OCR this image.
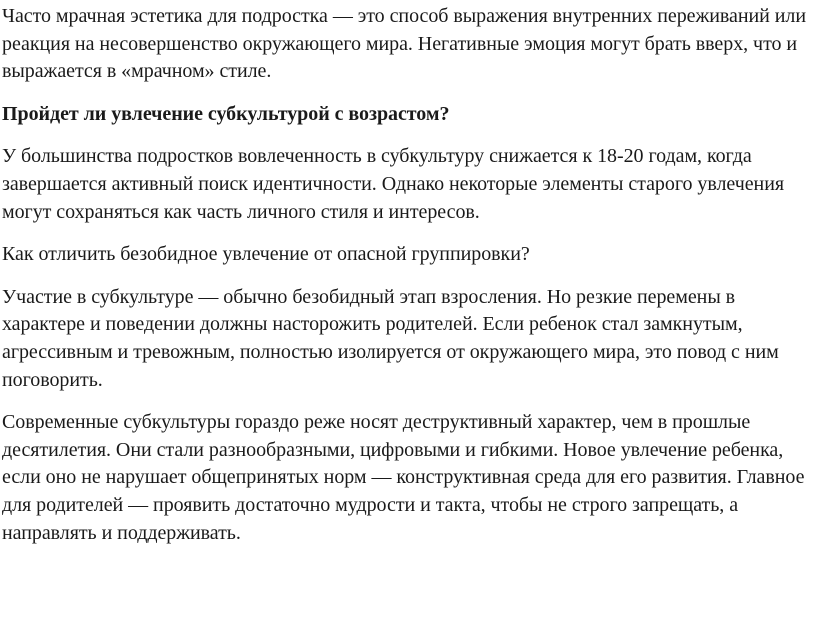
Часто мрачная эстетика для подростка — это способ выражения внутренних переживаний или реакция на несовершенство окружающего мира. Негативные эмоция могут брать вверх, что и выражается в «мрачном» стиле.

Пройдет ли увлечение субкультурой с возрастом?

У большинства подростков вовлеченность в субкультуру снижается к 18-20 годам, когда завершается активный поиск идентичности. Однако некоторые элементы старого увлечения могут сохраняться как часть личного стиля и интересов.

Как отличить безобидное увлечение от опасной группировки?

Участие в субкультуре — обычно безобидный этап взросления. Но резкие перемены в характере и поведении должны насторожить родителей. Если ребенок стал замкнутым, агрессивным и тревожным, полностью изолируется от окружающего мира, это повод с ним поговорить.

Современные субкультуры гораздо реже носят деструктивный характер, чем в прошлые десятилетия. Они стали разнообразными, цифровыми и гибкими. Новое увлечение ребенка, если оно не нарушает общепринятых норм — конструктивная среда для его развития. Главное для родителей — проявить достаточно мудрости и такта, чтобы не строго запрещать, а направлять и поддерживать.
